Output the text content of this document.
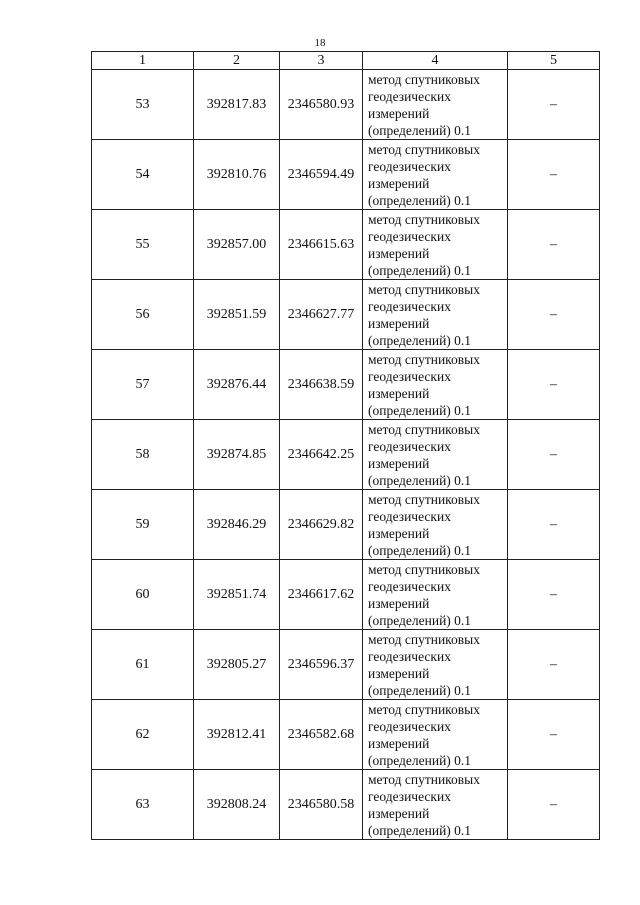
18
1	2	3	4	5
53	392817.83	2346580.93	метод спутниковых
геодезических
измерений
(определений) 0.1	–
54	392810.76	2346594.49	метод спутниковых
геодезических
измерений
(определений) 0.1	–
55	392857.00	2346615.63	метод спутниковых
геодезических
измерений
(определений) 0.1	–
56	392851.59	2346627.77	метод спутниковых
геодезических
измерений
(определений) 0.1	–
57	392876.44	2346638.59	метод спутниковых
геодезических
измерений
(определений) 0.1	–
58	392874.85	2346642.25	метод спутниковых
геодезических
измерений
(определений) 0.1	–
59	392846.29	2346629.82	метод спутниковых
геодезических
измерений
(определений) 0.1	–
60	392851.74	2346617.62	метод спутниковых
геодезических
измерений
(определений) 0.1	–
61	392805.27	2346596.37	метод спутниковых
геодезических
измерений
(определений) 0.1	–
62	392812.41	2346582.68	метод спутниковых
геодезических
измерений
(определений) 0.1	–
63	392808.24	2346580.58	метод спутниковых
геодезических
измерений
(определений) 0.1	–
